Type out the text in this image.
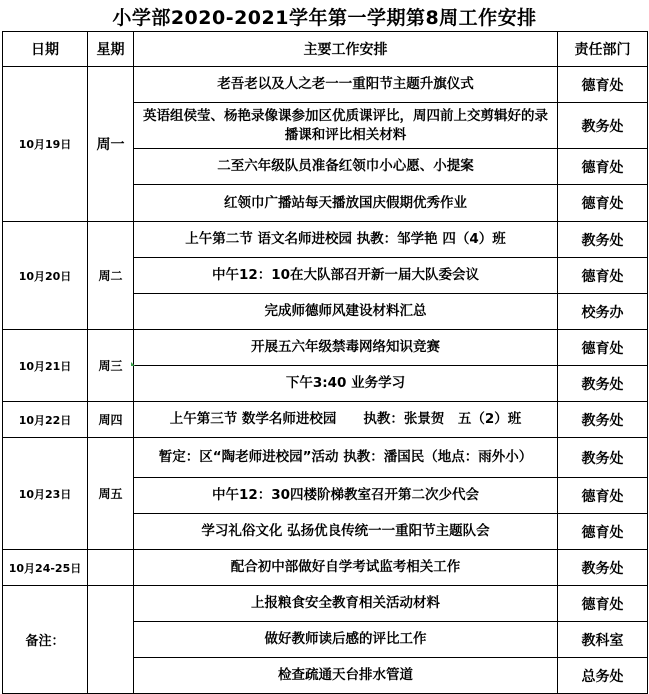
小学部2020-2021学年第一学期第8周工作安排
日期	星期	主要工作安排	责任部门
10月19日	周一	老吾老以及人之老一一重阳节主题升旗仪式	德育处
		英语组侯莹、杨艳录像课参加区优质课评比，周四前上交剪辑好的录播课和评比相关材料	教务处
		二至六年级队员准备红领巾小心愿、小提案	德育处
		红领巾广播站每天播放国庆假期优秀作业	德育处
10月20日	周二	上午第二节 语文名师进校园 执教：邹学艳 四（4）班	教务处
		中午12：10在大队部召开新一届大队委会议	德育处
		完成师德师风建设材料汇总	校务办
10月21日	周三	开展五六年级禁毒网络知识竞赛	德育处
		下午3:40 业务学习	教务处
10月22日	周四	上午第三节 数学名师进校园　　执教：张景贺　五（2）班	教务处
10月23日	周五	暂定：区“陶老师进校园”活动 执教：潘国民（地点：雨外小）	教务处
		中午12：30四楼阶梯教室召开第二次少代会	德育处
		学习礼俗文化 弘扬优良传统一一重阳节主题队会	德育处
10月24-25日		配合初中部做好自学考试监考相关工作	教务处
备注：		上报粮食安全教育相关活动材料	德育处
		做好教师读后感的评比工作	教科室
		检查疏通天台排水管道	总务处
